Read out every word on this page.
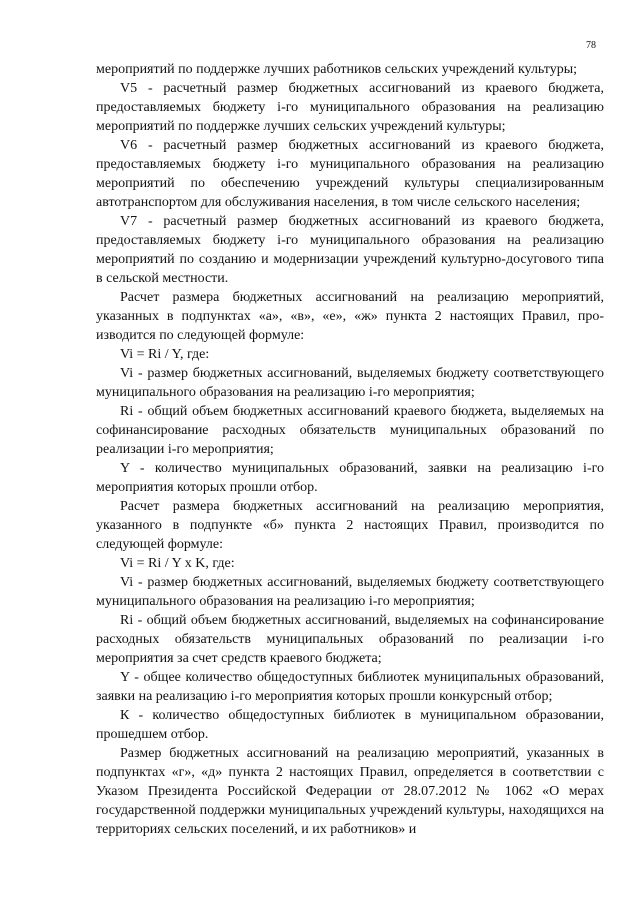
78

мероприятий по поддержке лучших работников сельских учреждений культуры;

V5 - расчетный размер бюджетных ассигнований из краевого бюджета, предоставляемых бюджету i-го муниципального образования на реализацию мероприятий по поддержке лучших сельских учреждений культуры;

V6 - расчетный размер бюджетных ассигнований из краевого бюджета, предоставляемых бюджету i-го муниципального образования на реализацию мероприятий по обеспечению учреждений культуры специализированным автотранспортом для обслуживания населения, в том числе сельского населения;

V7 - расчетный размер бюджетных ассигнований из краевого бюджета, предоставляемых бюджету i-го муниципального образования на реализацию мероприятий по созданию и модернизации учреждений культурно-досугового типа в сельской местности.

Расчет размера бюджетных ассигнований на реализацию мероприятий, указанных в подпунктах «а», «в», «е», «ж» пункта 2 настоящих Правил, производится по следующей формуле:

Vi = Ri / Y, где:

Vi - размер бюджетных ассигнований, выделяемых бюджету соответствующего муниципального образования на реализацию i-го мероприятия;

Ri - общий объем бюджетных ассигнований краевого бюджета, выделяемых на софинансирование расходных обязательств муниципальных образований по реализации i-го мероприятия;

Y - количество муниципальных образований, заявки на реализацию i-го мероприятия которых прошли отбор.

Расчет размера бюджетных ассигнований на реализацию мероприятия, указанного в подпункте «б» пункта 2 настоящих Правил, производится по следующей формуле:

Vi = Ri / Y x K, где:

Vi - размер бюджетных ассигнований, выделяемых бюджету соответствующего муниципального образования на реализацию i-го мероприятия;

Ri - общий объем бюджетных ассигнований, выделяемых на софинансирование расходных обязательств муниципальных образований по реализации i-го мероприятия за счет средств краевого бюджета;

Y - общее количество общедоступных библиотек муниципальных образований, заявки на реализацию i-го мероприятия которых прошли конкурсный отбор;

К - количество общедоступных библиотек в муниципальном образовании, прошедшем отбор.

Размер бюджетных ассигнований на реализацию мероприятий, указанных в подпунктах «г», «д» пункта 2 настоящих Правил, определяется в соответствии с Указом Президента Российской Федерации от 28.07.2012 № 1062 «О мерах государственной поддержки муниципальных учреждений культуры, находящихся на территориях сельских поселений, и их работников» и
